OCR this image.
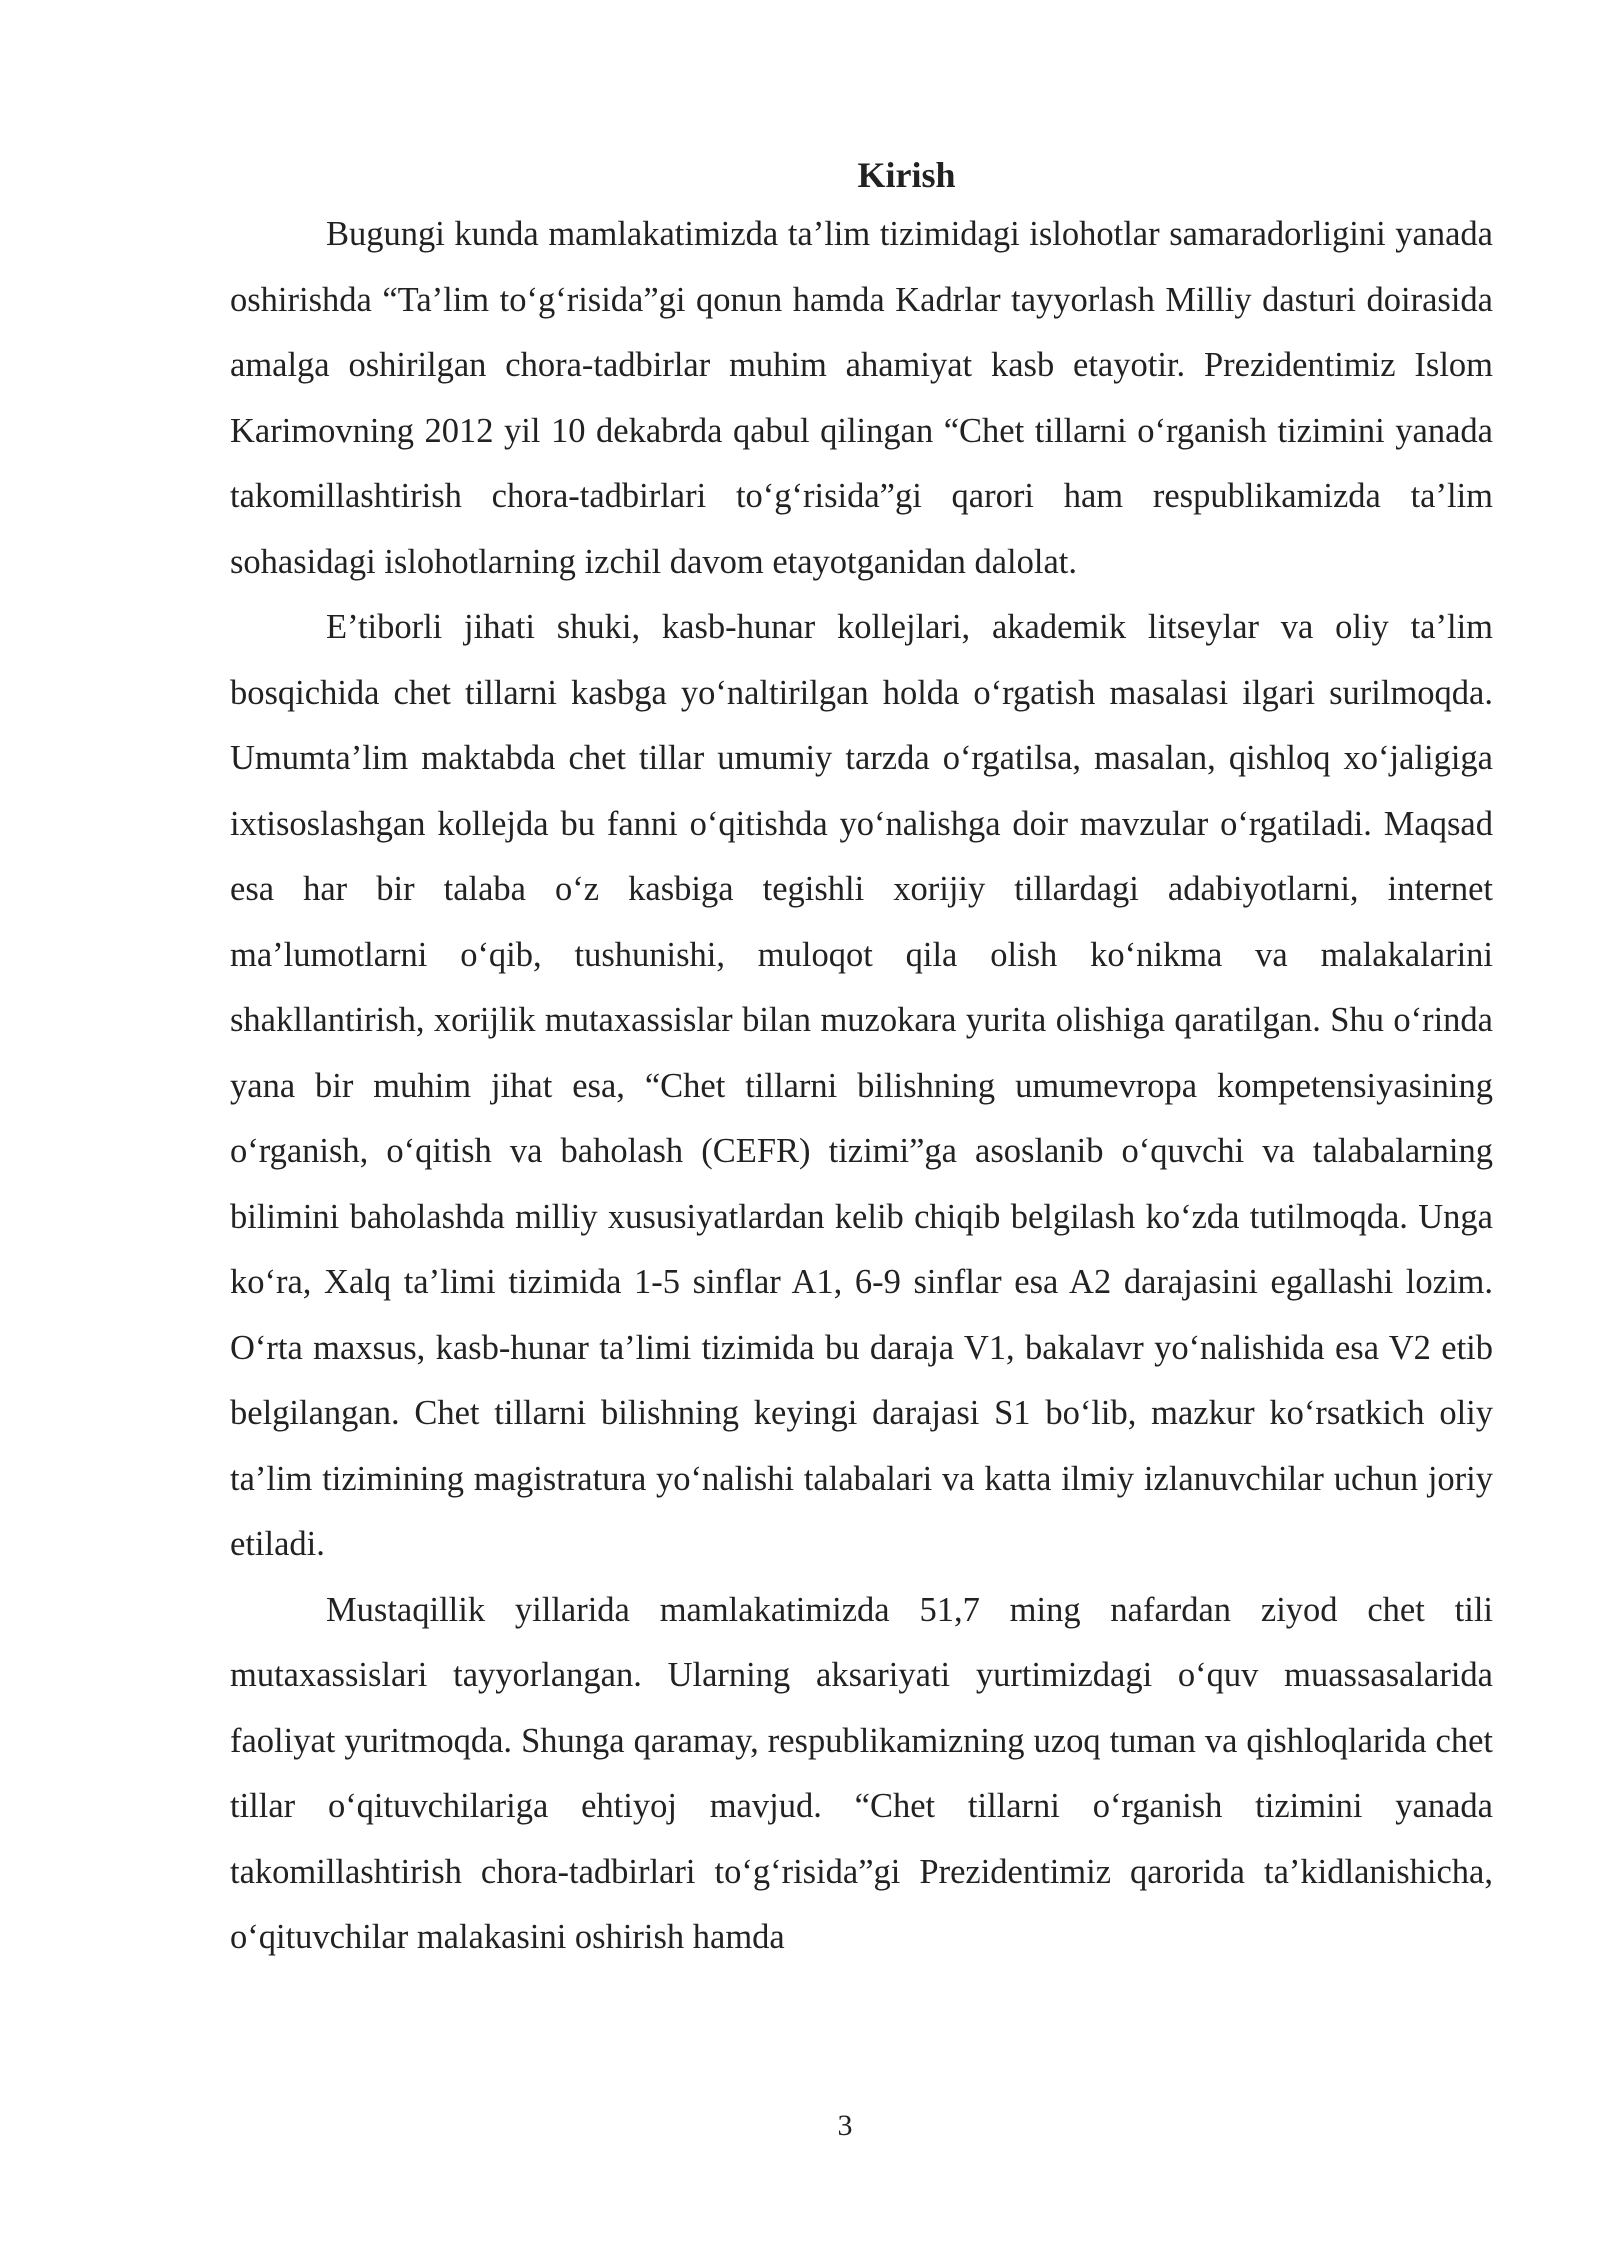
Kirish

Bugungi kunda mamlakatimizda ta’lim tizimidagi islohotlar samaradorligini yanada oshirishda “Ta’lim to‘g‘risida”gi qonun hamda Kadrlar tayyorlash Milliy dasturi doirasida amalga oshirilgan chora-tadbirlar muhim ahamiyat kasb etayotir. Prezidentimiz Islom Karimovning 2012 yil 10 dekabrda qabul qilingan “Chet tillarni o‘rganish tizimini yanada takomillashtirish chora-tadbirlari to‘g‘risida”gi qarori ham respublikamizda ta’lim sohasidagi islohotlarning izchil davom etayotganidan dalolat.

E’tiborli jihati shuki, kasb-hunar kollejlari, akademik litseylar va oliy ta’lim bosqichida chet tillarni kasbga yo‘naltirilgan holda o‘rgatish masalasi ilgari surilmoqda. Umumta’lim maktabda chet tillar umumiy tarzda o‘rgatilsa, masalan, qishloq xo‘jaligiga ixtisoslashgan kollejda bu fanni o‘qitishda yo‘nalishga doir mavzular o‘rgatiladi. Maqsad esa har bir talaba o‘z kasbiga tegishli xorijiy tillardagi adabiyotlarni, internet ma’lumotlarni o‘qib, tushunishi, muloqot qila olish ko‘nikma va malakalarini shakllantirish, xorijlik mutaxassislar bilan muzokara yurita olishiga qaratilgan. Shu o‘rinda yana bir muhim jihat esa, “Chet tillarni bilishning umumevropa kompetensiyasining o‘rganish, o‘qitish va baholash (CEFR) tizimi”ga asoslanib o‘quvchi va talabalarning bilimini baholashda milliy xususiyatlardan kelib chiqib belgilash ko‘zda tutilmoqda. Unga ko‘ra, Xalq ta’limi tizimida 1-5 sinflar A1, 6-9 sinflar esa A2 darajasini egallashi lozim. O‘rta maxsus, kasb-hunar ta’limi tizimida bu daraja V1, bakalavr yo‘nalishida esa V2 etib belgilangan. Chet tillarni bilishning keyingi darajasi S1 bo‘lib, mazkur ko‘rsatkich oliy ta’lim tizimining magistratura yo‘nalishi talabalari va katta ilmiy izlanuvchilar uchun joriy etiladi.

Mustaqillik yillarida mamlakatimizda 51,7 ming nafardan ziyod chet tili mutaxassislari tayyorlangan. Ularning aksariyati yurtimizdagi o‘quv muassasalarida faoliyat yuritmoqda. Shunga qaramay, respublikamizning uzoq tuman va qishloqlarida chet tillar o‘qituvchilariga ehtiyoj mavjud. “Chet tillarni o‘rganish tizimini yanada takomillashtirish chora-tadbirlari to‘g‘risida”gi Prezidentimiz qarorida ta’kidlanishicha, o‘qituvchilar malakasini oshirish hamda

3
